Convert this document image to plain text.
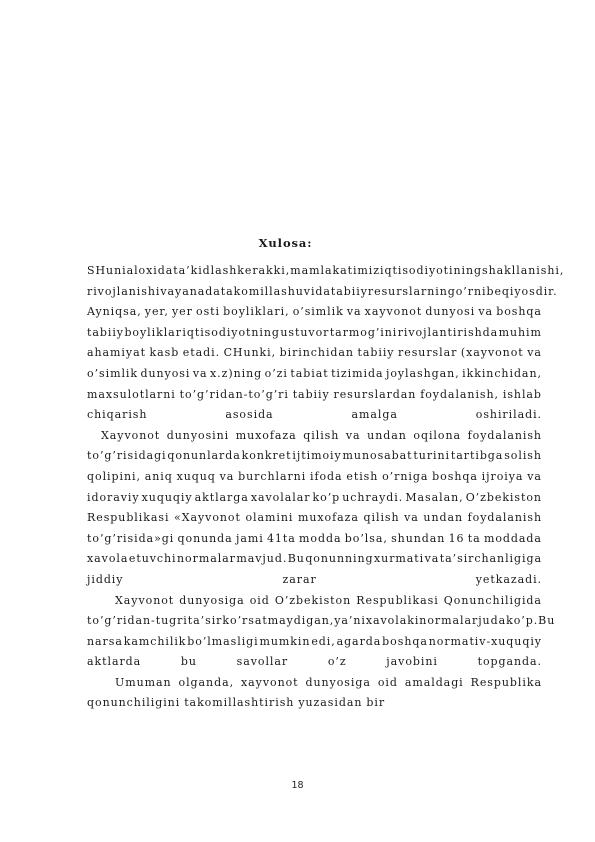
Xulosa:
SHuni aloxida ta’kidlash kerakki, mamlakatimiz iqtisodiyotining shakllanishi,
rivojlanishi va yanada takomillashuvida tabiiy resurslarning o’rni beqiyosdir.
Ayniqsa, yer, yer osti boyliklari, o’simlik va xayvonot dunyosi va boshqa
tabiiy boyliklar iqtisodiyotning ustuvor tarmog’ini rivojlantirishda muhim
ahamiyat kasb etadi. CHunki, birinchidan tabiiy resurslar (xayvonot va
o’simlik dunyosi va x.z)ning o’zi tabiat tizimida joylashgan, ikkinchidan,
maxsulotlarni to’g’ridan-to’g’ri tabiiy resurslardan foydalanish, ishlab
chiqarish	asosida	amalga	oshiriladi.
Xayvonot dunyosini muxofaza qilish va undan oqilona foydalanish
to’g’risidagi qonunlarda konkret ijtimoiy munosabat turini tartibga solish
qolipini, aniq xuquq va burchlarni ifoda etish o’rniga boshqa ijroiya va
idoraviy xuquqiy aktlarga xavolalar ko’p uchraydi. Masalan, O’zbekiston
Respublikasi «Xayvonot olamini muxofaza qilish va undan foydalanish
to’g’risida»gi qonunda jami 41ta modda bo’lsa, shundan 16 ta moddada
xavola etuvchi normalar mavjud. Bu qonunning xurmati va ta’sirchanligiga
jiddiy	zarar	yetkazadi.
Xayvonot dunyosiga oid O’zbekiston Respublikasi Qonunchiligida
to’g’ridan-tugri ta’sir ko’rsatmaydigan, ya’ni xavolaki normalar juda ko’p. Bu
narsa kamchilik bo’lmasligi mumkin edi, agarda boshqa normativ-xuquqiy
aktlarda	bu	savollar	o’z	javobini	topganda.
Umuman olganda, xayvonot dunyosiga oid amaldagi Respublika
qonunchiligini takomillashtirish yuzasidan bir
18
